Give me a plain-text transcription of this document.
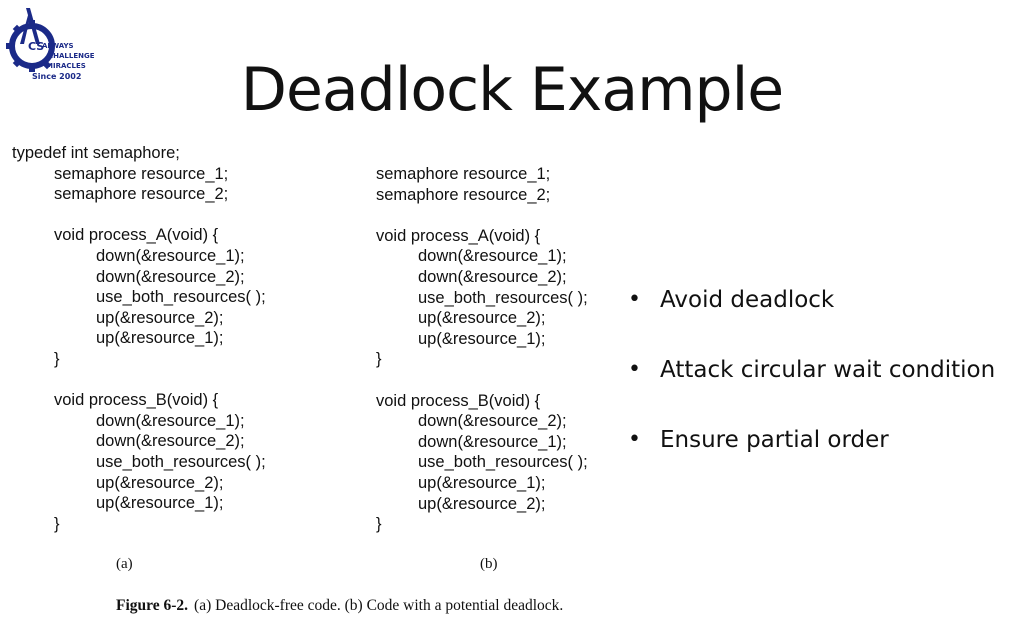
CS
ALWAYS
CHALLENGE
MIRACLES
Since 2002	Deadlock Example
typedef int semaphore;
semaphore resource_1;
semaphore resource_2;
void process_A(void) {
down(&resource_1);
down(&resource_2);
use_both_resources( );
up(&resource_2);
up(&resource_1);
}
void process_B(void) {
down(&resource_1);
down(&resource_2);
use_both_resources( );
up(&resource_2);
up(&resource_1);
}
semaphore resource_1;
semaphore resource_2;
void process_A(void) {
down(&resource_1);
down(&resource_2);
use_both_resources( );
up(&resource_2);
up(&resource_1);
}
void process_B(void) {
down(&resource_2);
down(&resource_1);
use_both_resources( );
up(&resource_1);
up(&resource_2);
}
(a)	(b)
Figure 6-2. (a) Deadlock-free code. (b) Code with a potential deadlock.
• Avoid deadlock
• Attack circular wait condition
• Ensure partial order
